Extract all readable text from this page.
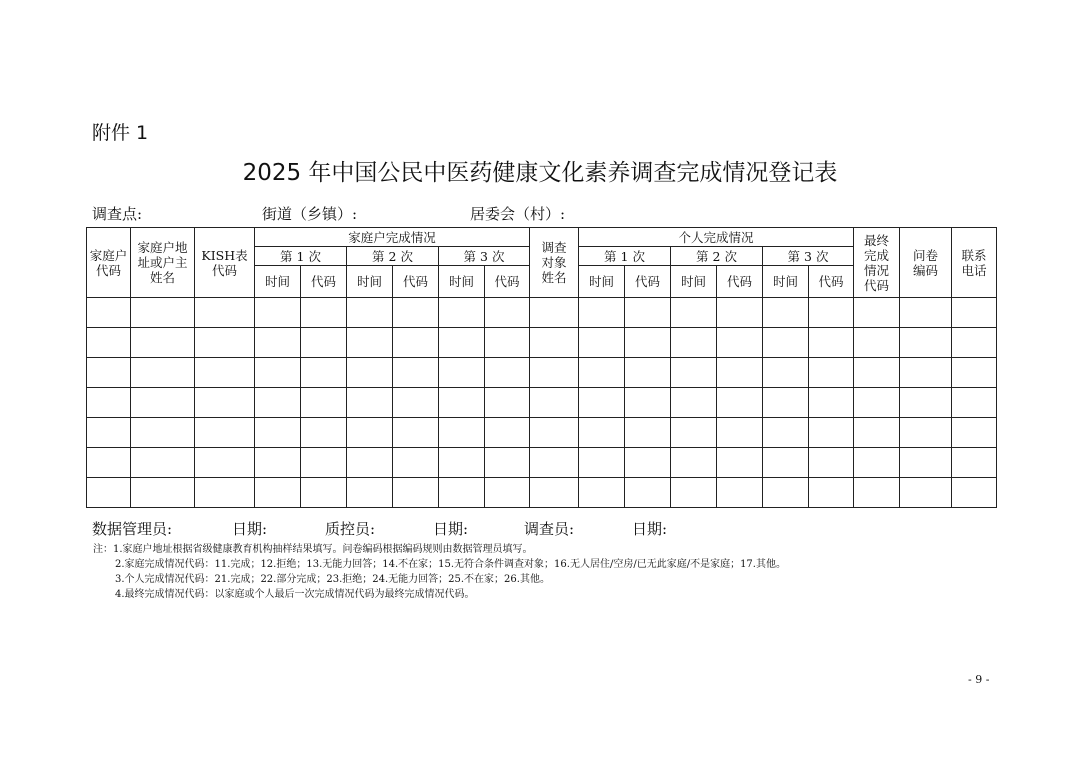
附件 1
2025 年中国公民中医药健康文化素养调查完成情况登记表
调查点:	街道（乡镇）:	居委会（村）:
家庭户代码	家庭户地址或户主姓名	KISH表代码	家庭户完成情况						调查对象姓名	个人完成情况						最终完成情况代码	问卷编码	联系电话

			第 1 次		第 2 次		第 3 次			第 1 次		第 2 次		第 3 次				
			时间	代码	时间	代码	时间	代码		时间	代码	时间	代码	时间	代码			

数据管理员:	日期:	质控员:	日期:	调查员:	日期:
注：1.家庭户地址根据省级健康教育机构抽样结果填写。问卷编码根据编码规则由数据管理员填写。
2.家庭完成情况代码：11.完成；12.拒绝；13.无能力回答；14.不在家；15.无符合条件调查对象；16.无人居住/空房/已无此家庭/不是家庭；17.其他。
3.个人完成情况代码：21.完成；22.部分完成；23.拒绝；24.无能力回答；25.不在家；26.其他。
4.最终完成情况代码：以家庭或个人最后一次完成情况代码为最终完成情况代码。
- 9 -
